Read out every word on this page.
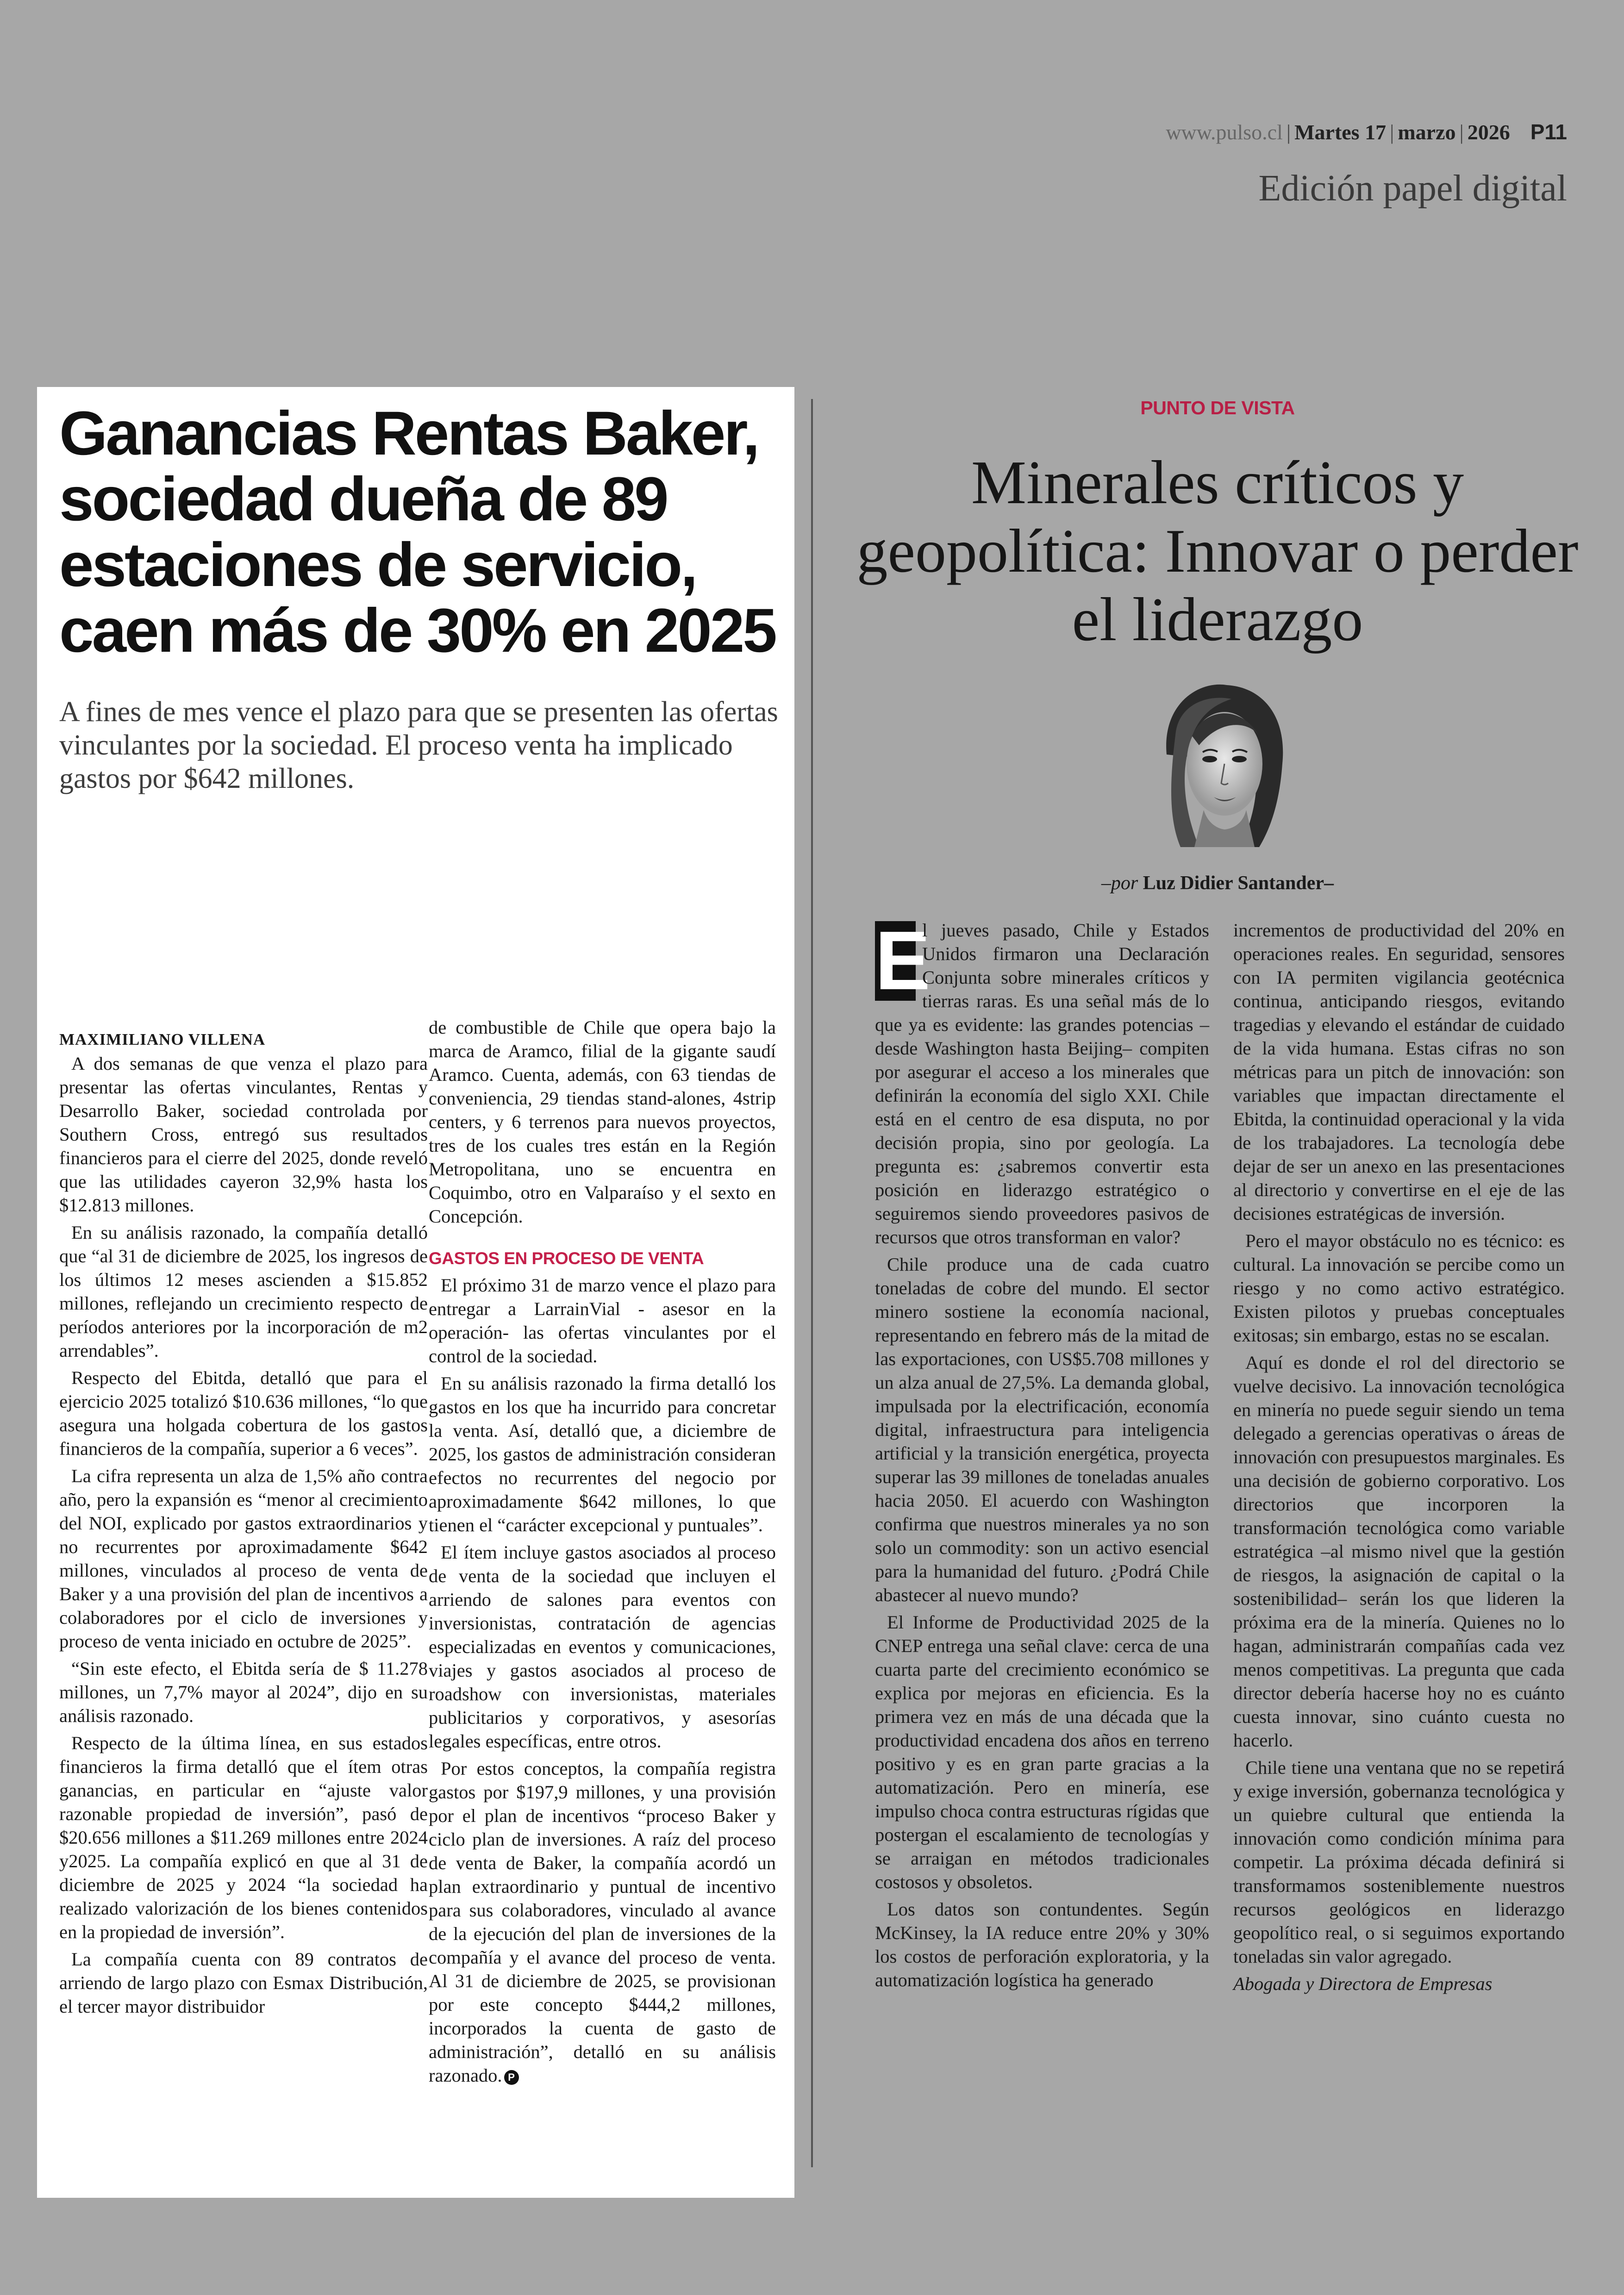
www.pulso.cl | Martes 17 | marzo | 2026 P11
Edición papel digital
Ganancias Rentas Baker, sociedad dueña de 89 estaciones de servicio, caen más de 30% en 2025

A fines de mes vence el plazo para que se presenten las ofertas vinculantes por la sociedad. El proceso venta ha implicado gastos por $642 millones.

MAXIMILIANO VILLENA

A dos semanas de que venza el plazo para presentar las ofertas vinculantes, Rentas y Desarrollo Baker, sociedad controlada por Southern Cross, entregó sus resultados financieros para el cierre del 2025, donde reveló que las utilidades cayeron 32,9% hasta los $12.813 millones.

En su análisis razonado, la compañía detalló que “al 31 de diciembre de 2025, los ingresos de los últimos 12 meses ascienden a $15.852 millones, reflejando un crecimiento respecto de períodos anteriores por la incorporación de m2 arrendables”.

Respecto del Ebitda, detalló que para el ejercicio 2025 totalizó $10.636 millones, “lo que asegura una holgada cobertura de los gastos financieros de la compañía, superior a 6 veces”.

La cifra representa un alza de 1,5% año contra año, pero la expansión es “menor al crecimiento del NOI, explicado por gastos extraordinarios y no recurrentes por aproximadamente $642 millones, vinculados al proceso de venta de Baker y a una provisión del plan de incentivos a colaboradores por el ciclo de inversiones y proceso de venta iniciado en octubre de 2025”.

“Sin este efecto, el Ebitda sería de $ 11.278 millones, un 7,7% mayor al 2024”, dijo en su análisis razonado.

Respecto de la última línea, en sus estados financieros la firma detalló que el ítem otras ganancias, en particular en “ajuste valor razonable propiedad de inversión”, pasó de $20.656 millones a $11.269 millones entre 2024 y2025. La compañía explicó en que al 31 de diciembre de 2025 y 2024 “la sociedad ha realizado valorización de los bienes contenidos en la propiedad de inversión”.

La compañía cuenta con 89 contratos de arriendo de largo plazo con Esmax Distribución, el tercer mayor distribuidor

de combustible de Chile que opera bajo la marca de Aramco, filial de la gigante saudí Aramco. Cuenta, además, con 63 tiendas de conveniencia, 29 tiendas stand-alones, 4strip centers, y 6 terrenos para nuevos proyectos, tres de los cuales tres están en la Región Metropolitana, uno se encuentra en Coquimbo, otro en Valparaíso y el sexto en Concepción.

GASTOS EN PROCESO DE VENTA

El próximo 31 de marzo vence el plazo para entregar a LarrainVial - asesor en la operación- las ofertas vinculantes por el control de la sociedad.

En su análisis razonado la firma detalló los gastos en los que ha incurrido para concretar la venta. Así, detalló que, a diciembre de 2025, los gastos de administración consideran efectos no recurrentes del negocio por aproximadamente $642 millones, lo que tienen el “carácter excepcional y puntuales”.

El ítem incluye gastos asociados al proceso de venta de la sociedad que incluyen el arriendo de salones para eventos con inversionistas, contratación de agencias especializadas en eventos y comunicaciones, viajes y gastos asociados al proceso de roadshow con inversionistas, materiales publicitarios y corporativos, y asesorías legales específicas, entre otros.

Por estos conceptos, la compañía registra gastos por $197,9 millones, y una provisión por el plan de incentivos “proceso Baker y ciclo plan de inversiones. A raíz del proceso de venta de Baker, la compañía acordó un plan extraordinario y puntual de incentivo para sus colaboradores, vinculado al avance de la ejecución del plan de inversiones de la compañía y el avance del proceso de venta. Al 31 de diciembre de 2025, se provisionan por este concepto $444,2 millones, incorporados la cuenta de gasto de administración”, detalló en su análisis razonado. P

PUNTO DE VISTA
Minerales críticos y geopolítica: Innovar o perder el liderazgo
–por Luz Didier Santander–

E
l jueves pasado, Chile y Estados Unidos firmaron una Declaración Conjunta sobre minerales críticos y tierras raras. Es una señal más de lo que ya es evidente: las grandes potencias –desde Washington hasta Beijing– compiten por asegurar el acceso a los minerales que definirán la economía del siglo XXI. Chile está en el centro de esa disputa, no por decisión propia, sino por geología. La pregunta es: ¿sabremos convertir esta posición en liderazgo estratégico o seguiremos siendo proveedores pasivos de recursos que otros transforman en valor?

Chile produce una de cada cuatro toneladas de cobre del mundo. El sector minero sostiene la economía nacional, representando en febrero más de la mitad de las exportaciones, con US$5.708 millones y un alza anual de 27,5%. La demanda global, impulsada por la electrificación, economía digital, infraestructura para inteligencia artificial y la transición energética, proyecta superar las 39 millones de toneladas anuales hacia 2050. El acuerdo con Washington confirma que nuestros minerales ya no son solo un commodity: son un activo esencial para la humanidad del futuro. ¿Podrá Chile abastecer al nuevo mundo?

El Informe de Productividad 2025 de la CNEP entrega una señal clave: cerca de una cuarta parte del crecimiento económico se explica por mejoras en eficiencia. Es la primera vez en más de una década que la productividad encadena dos años en terreno positivo y es en gran parte gracias a la automatización. Pero en minería, ese impulso choca contra estructuras rígidas que postergan el escalamiento de tecnologías y se arraigan en métodos tradicionales costosos y obsoletos.

Los datos son contundentes. Según McKinsey, la IA reduce entre 20% y 30% los costos de perforación exploratoria, y la automatización logística ha generado

incrementos de productividad del 20% en operaciones reales. En seguridad, sensores con IA permiten vigilancia geotécnica continua, anticipando riesgos, evitando tragedias y elevando el estándar de cuidado de la vida humana. Estas cifras no son métricas para un pitch de innovación: son variables que impactan directamente el Ebitda, la continuidad operacional y la vida de los trabajadores. La tecnología debe dejar de ser un anexo en las presentaciones al directorio y convertirse en el eje de las decisiones estratégicas de inversión.

Pero el mayor obstáculo no es técnico: es cultural. La innovación se percibe como un riesgo y no como activo estratégico. Existen pilotos y pruebas conceptuales exitosas; sin embargo, estas no se escalan.

Aquí es donde el rol del directorio se vuelve decisivo. La innovación tecnológica en minería no puede seguir siendo un tema delegado a gerencias operativas o áreas de innovación con presupuestos marginales. Es una decisión de gobierno corporativo. Los directorios que incorporen la transformación tecnológica como variable estratégica –al mismo nivel que la gestión de riesgos, la asignación de capital o la sostenibilidad– serán los que lideren la próxima era de la minería. Quienes no lo hagan, administrarán compañías cada vez menos competitivas. La pregunta que cada director debería hacerse hoy no es cuánto cuesta innovar, sino cuánto cuesta no hacerlo.

Chile tiene una ventana que no se repetirá y exige inversión, gobernanza tecnológica y un quiebre cultural que entienda la innovación como condición mínima para competir. La próxima década definirá si transformamos sosteniblemente nuestros recursos geológicos en liderazgo geopolítico real, o si seguimos exportando toneladas sin valor agregado.

Abogada y Directora de Empresas
